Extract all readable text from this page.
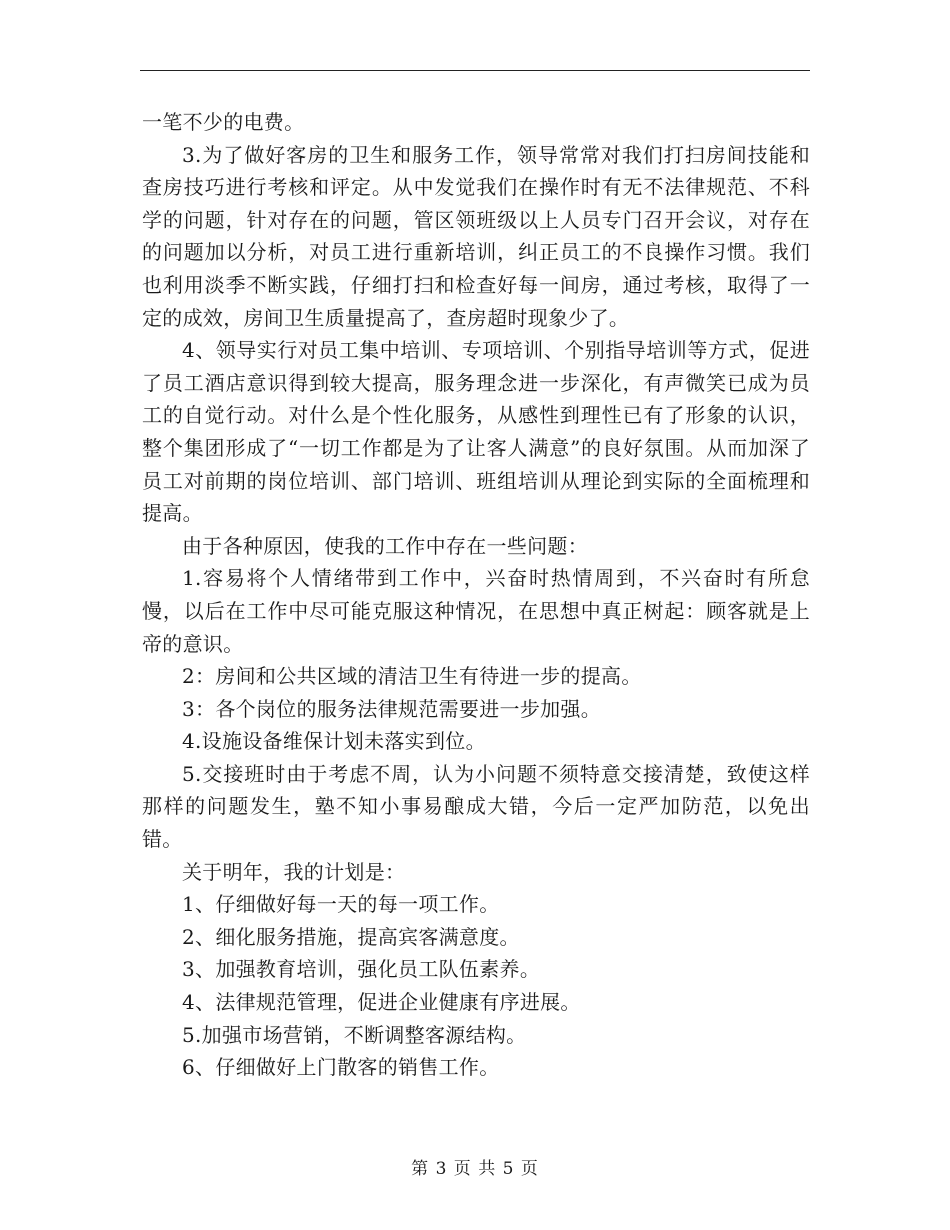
一笔不少的电费。

3.为了做好客房的卫生和服务工作，领导常常对我们打扫房间技能和查房技巧进行考核和评定。从中发觉我们在操作时有无不法律规范、不科学的问题，针对存在的问题，管区领班级以上人员专门召开会议，对存在的问题加以分析，对员工进行重新培训，纠正员工的不良操作习惯。我们也利用淡季不断实践，仔细打扫和检查好每一间房，通过考核，取得了一定的成效，房间卫生质量提高了，查房超时现象少了。

4、领导实行对员工集中培训、专项培训、个别指导培训等方式，促进了员工酒店意识得到较大提高，服务理念进一步深化，有声微笑已成为员工的自觉行动。对什么是个性化服务，从感性到理性已有了形象的认识，整个集团形成了“一切工作都是为了让客人满意”的良好氛围。从而加深了员工对前期的岗位培训、部门培训、班组培训从理论到实际的全面梳理和提高。

由于各种原因，使我的工作中存在一些问题：

1.容易将个人情绪带到工作中，兴奋时热情周到，不兴奋时有所怠慢，以后在工作中尽可能克服这种情况，在思想中真正树起：顾客就是上帝的意识。

2：房间和公共区域的清洁卫生有待进一步的提高。

3：各个岗位的服务法律规范需要进一步加强。

4.设施设备维保计划未落实到位。

5.交接班时由于考虑不周，认为小问题不须特意交接清楚，致使这样那样的问题发生，塾不知小事易酿成大错，今后一定严加防范，以免出错。

关于明年，我的计划是：

1、仔细做好每一天的每一项工作。

2、细化服务措施，提高宾客满意度。

3、加强教育培训，强化员工队伍素养。

4、法律规范管理，促进企业健康有序进展。

5.加强市场营销，不断调整客源结构。

6、仔细做好上门散客的销售工作。

第 3 页 共 5 页
